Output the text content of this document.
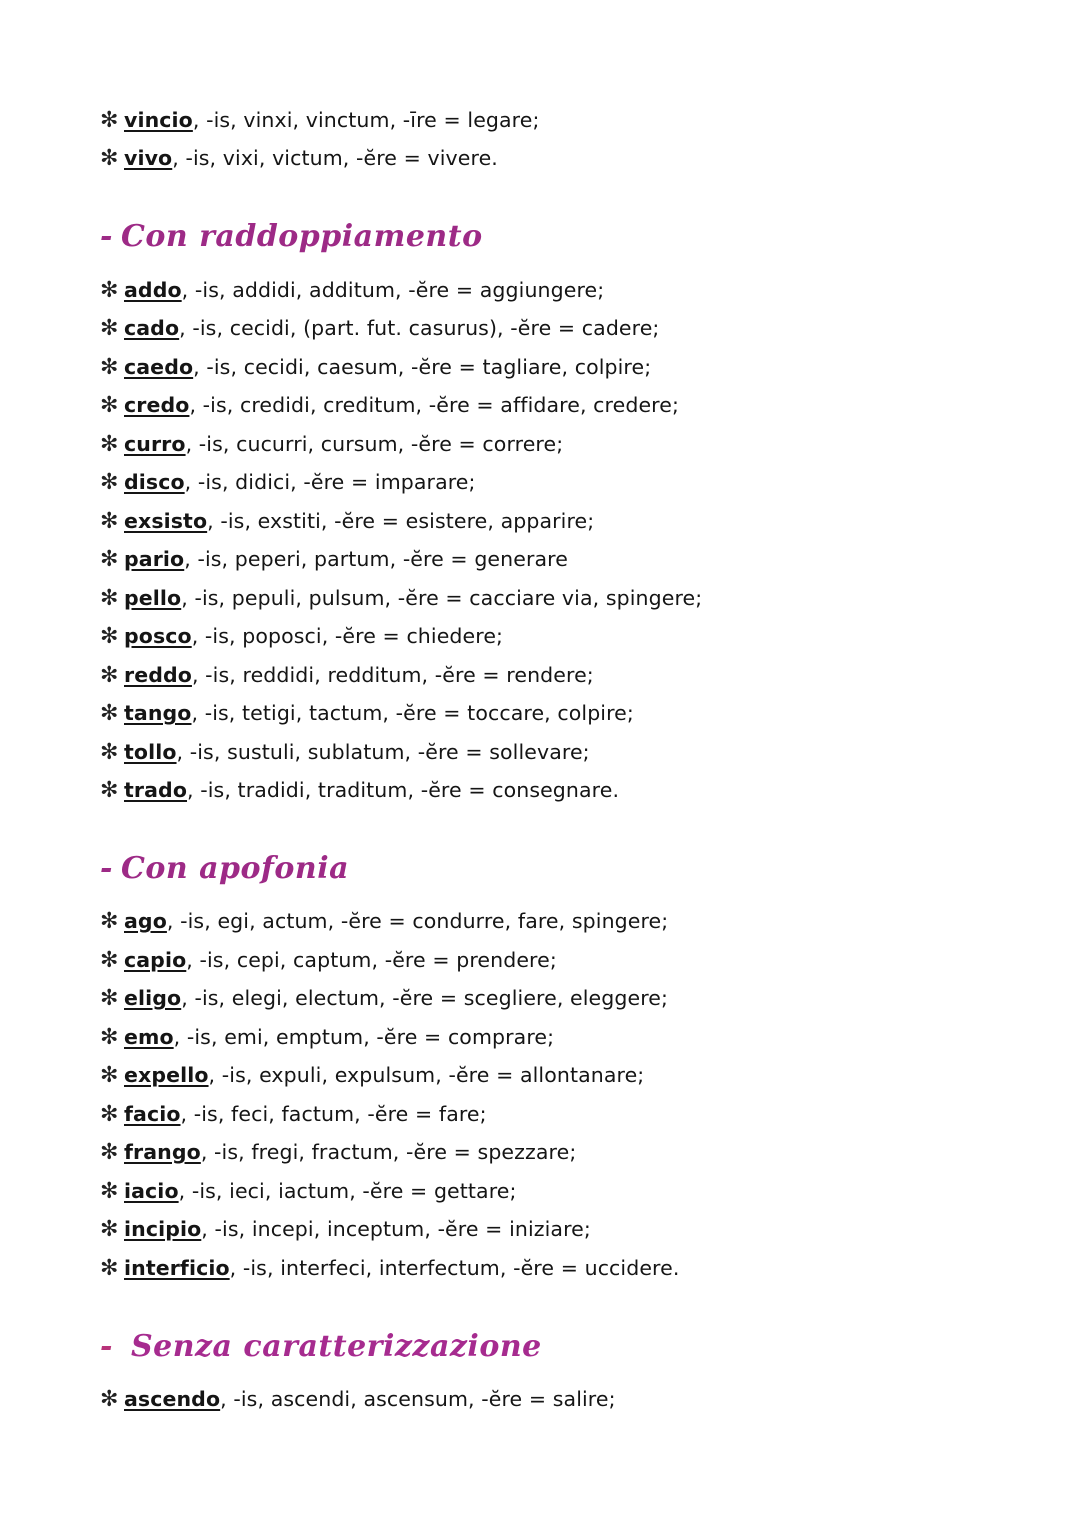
✻ vincio, -is, vinxi, vinctum, -īre = legare;
✻ vivo, -is, vixi, victum, -ĕre = vivere.
- Con raddoppiamento
✻ addo, -is, addidi, additum, -ĕre = aggiungere;
✻ cado, -is, cecidi, (part. fut. casurus), -ĕre = cadere;
✻ caedo, -is, cecidi, caesum, -ĕre = tagliare, colpire;
✻ credo, -is, credidi, creditum, -ĕre = affidare, credere;
✻ curro, -is, cucurri, cursum, -ĕre = correre;
✻ disco, -is, didici, -ĕre = imparare;
✻ exsisto, -is, exstiti, -ĕre = esistere, apparire;
✻ pario, -is, peperi, partum, -ĕre = generare
✻ pello, -is, pepuli, pulsum, -ĕre = cacciare via, spingere;
✻ posco, -is, poposci, -ĕre = chiedere;
✻ reddo, -is, reddidi, redditum, -ĕre = rendere;
✻ tango, -is, tetigi, tactum, -ĕre = toccare, colpire;
✻ tollo, -is, sustuli, sublatum, -ĕre = sollevare;
✻ trado, -is, tradidi, traditum, -ĕre = consegnare.
- Con apofonia
✻ ago, -is, egi, actum, -ĕre = condurre, fare, spingere;
✻ capio, -is, cepi, captum, -ĕre = prendere;
✻ eligo, -is, elegi, electum, -ĕre = scegliere, eleggere;
✻ emo, -is, emi, emptum, -ĕre = comprare;
✻ expello, -is, expuli, expulsum, -ĕre = allontanare;
✻ facio, -is, feci, factum, -ĕre = fare;
✻ frango, -is, fregi, fractum, -ĕre = spezzare;
✻ iacio, -is, ieci, iactum, -ĕre = gettare;
✻ incipio, -is, incepi, inceptum, -ĕre = iniziare;
✻ interficio, -is, interfeci, interfectum, -ĕre = uccidere.
- Senza caratterizzazione
✻ ascendo, -is, ascendi, ascensum, -ĕre = salire;
